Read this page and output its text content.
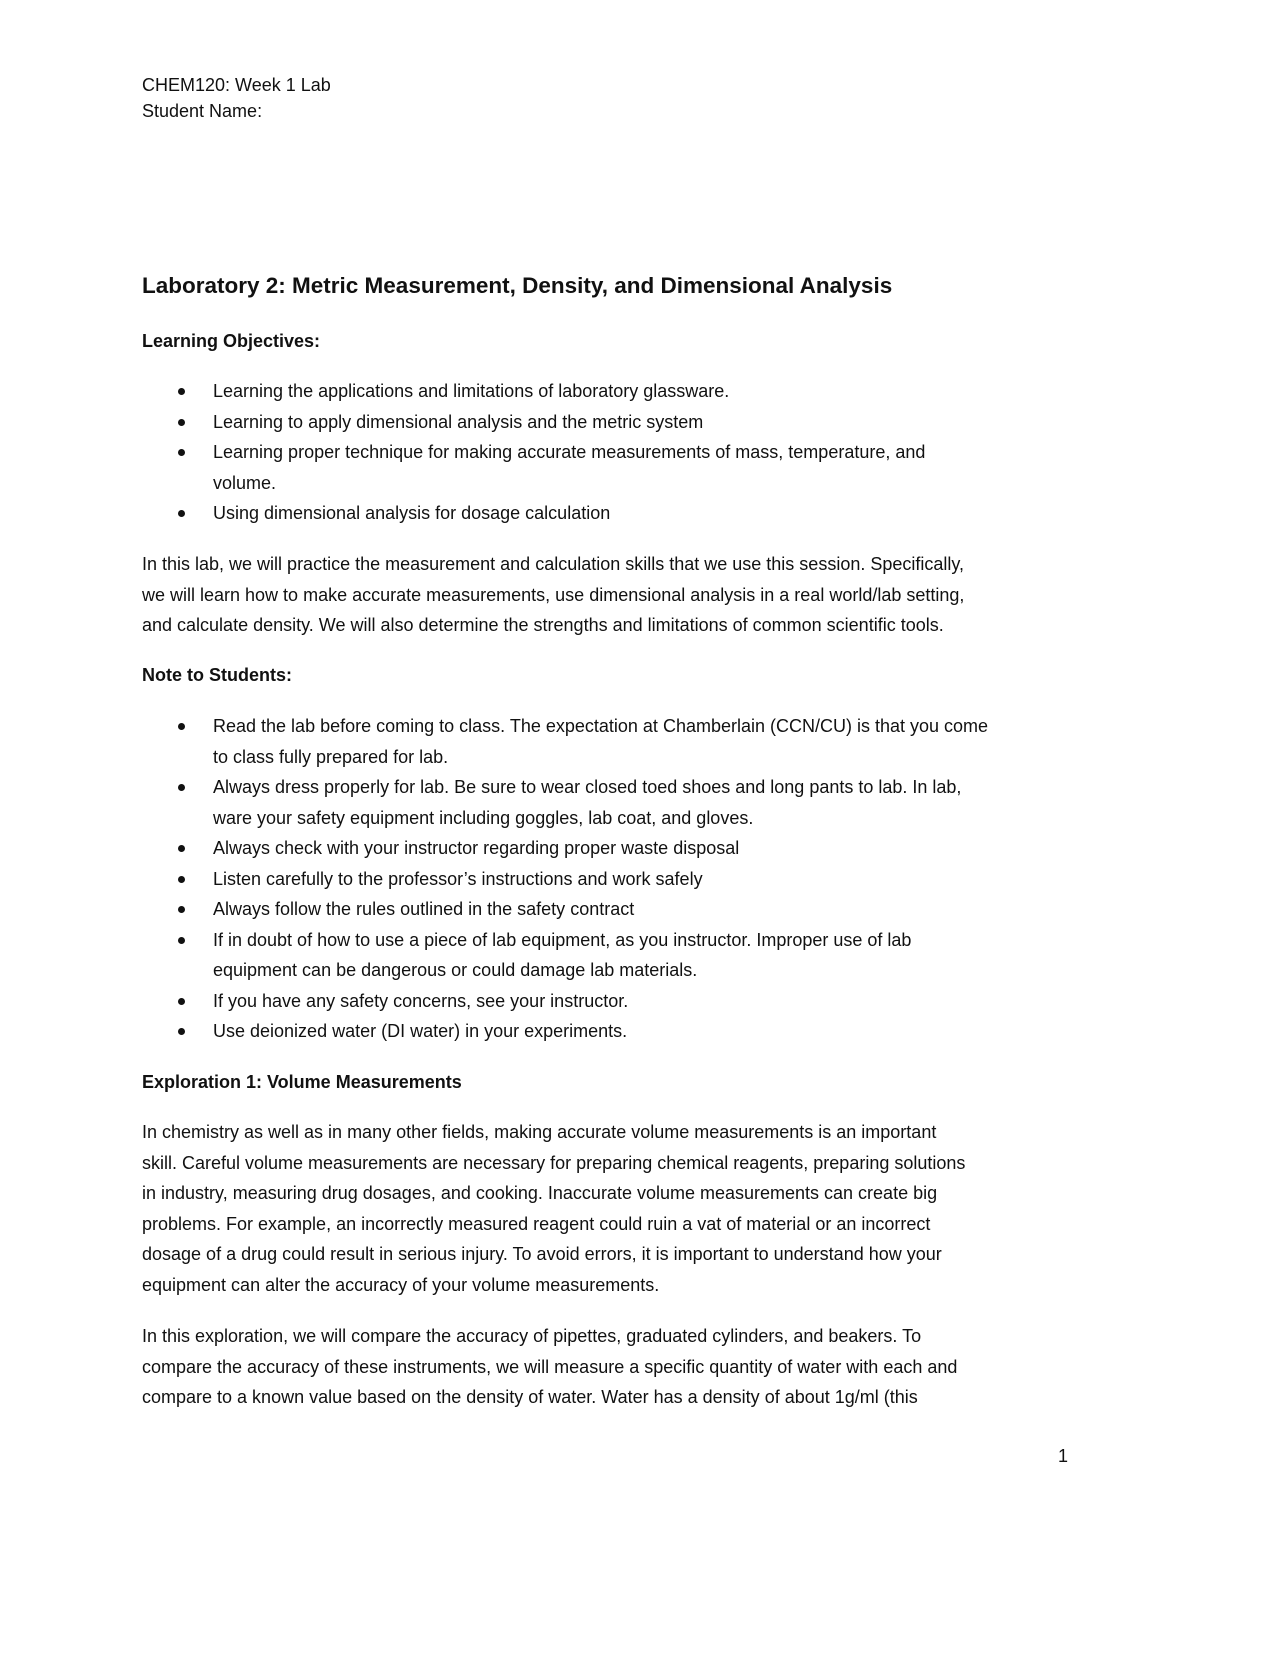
CHEM120: Week 1 Lab
Student Name:
Laboratory 2: Metric Measurement, Density, and Dimensional Analysis
Learning Objectives:
Learning the applications and limitations of laboratory glassware.
Learning to apply dimensional analysis and the metric system
Learning proper technique for making accurate measurements of mass, temperature, and
volume.
Using dimensional analysis for dosage calculation
In this lab, we will practice the measurement and calculation skills that we use this session. Specifically,
we will learn how to make accurate measurements, use dimensional analysis in a real world/lab setting,
and calculate density. We will also determine the strengths and limitations of common scientific tools.
Note to Students:
Read the lab before coming to class. The expectation at Chamberlain (CCN/CU) is that you come
to class fully prepared for lab.
Always dress properly for lab. Be sure to wear closed toed shoes and long pants to lab. In lab,
ware your safety equipment including goggles, lab coat, and gloves.
Always check with your instructor regarding proper waste disposal
Listen carefully to the professor’s instructions and work safely
Always follow the rules outlined in the safety contract
If in doubt of how to use a piece of lab equipment, as you instructor. Improper use of lab
equipment can be dangerous or could damage lab materials.
If you have any safety concerns, see your instructor.
Use deionized water (DI water) in your experiments.
Exploration 1: Volume Measurements
In chemistry as well as in many other fields, making accurate volume measurements is an important
skill. Careful volume measurements are necessary for preparing chemical reagents, preparing solutions
in industry, measuring drug dosages, and cooking. Inaccurate volume measurements can create big
problems. For example, an incorrectly measured reagent could ruin a vat of material or an incorrect
dosage of a drug could result in serious injury. To avoid errors, it is important to understand how your
equipment can alter the accuracy of your volume measurements.
In this exploration, we will compare the accuracy of pipettes, graduated cylinders, and beakers. To
compare the accuracy of these instruments, we will measure a specific quantity of water with each and
compare to a known value based on the density of water. Water has a density of about 1g/ml (this
1
